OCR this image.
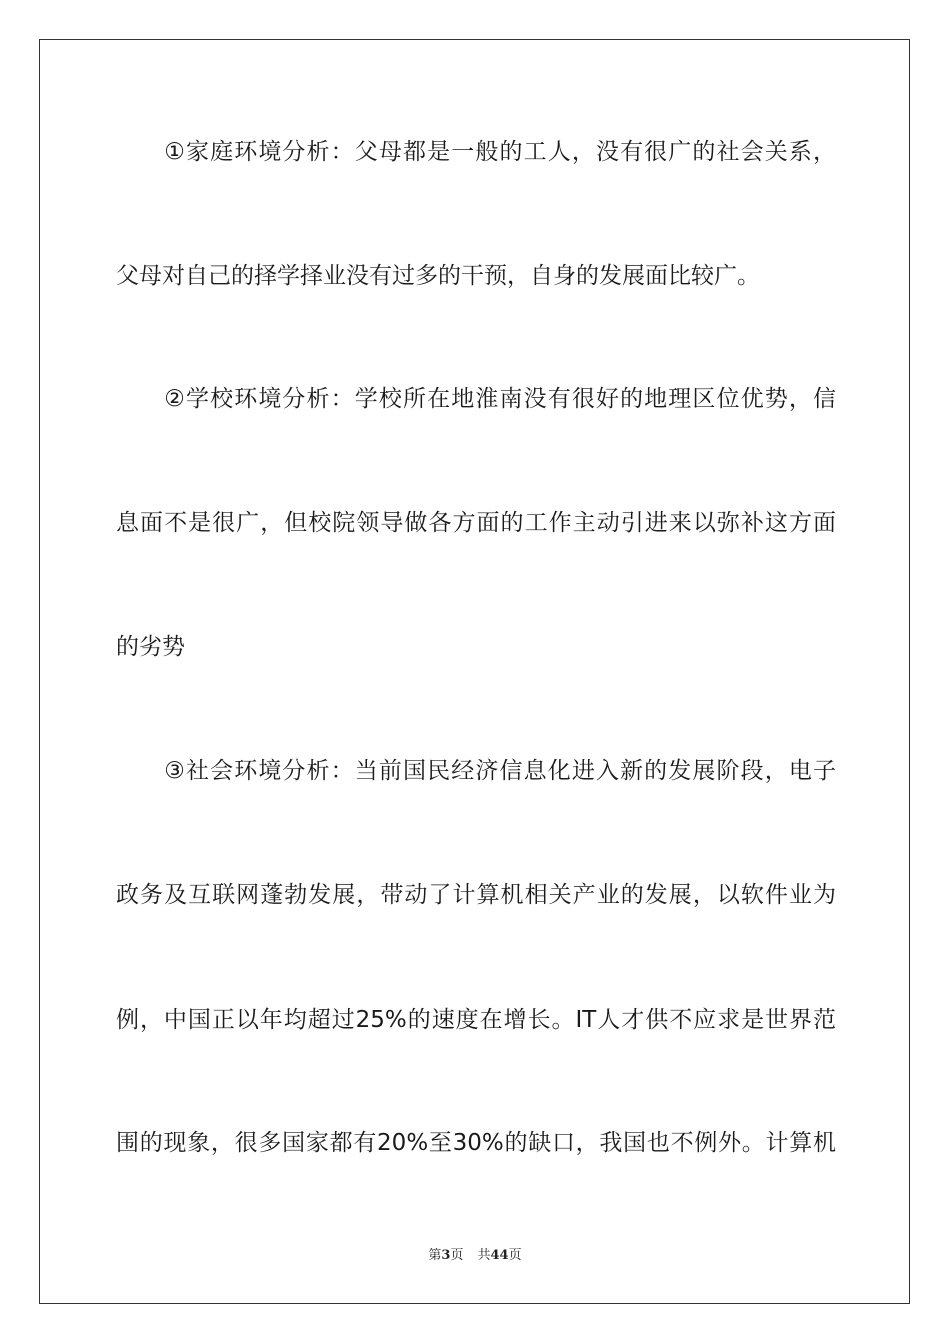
　　①家庭环境分析：父母都是一般的工人，没有很广的社会关系，
父母对自己的择学择业没有过多的干预，自身的发展面比较广。
　　②学校环境分析：学校所在地淮南没有很好的地理区位优势，信
息面不是很广，但校院领导做各方面的工作主动引进来以弥补这方面
的劣势
　　③社会环境分析：当前国民经济信息化进入新的发展阶段，电子
政务及互联网蓬勃发展，带动了计算机相关产业的发展，以软件业为
例，中国正以年均超过25%的速度在增长。IT人才供不应求是世界范
围的现象，很多国家都有20%至30%的缺口，我国也不例外。计算机
第3页 共44页
